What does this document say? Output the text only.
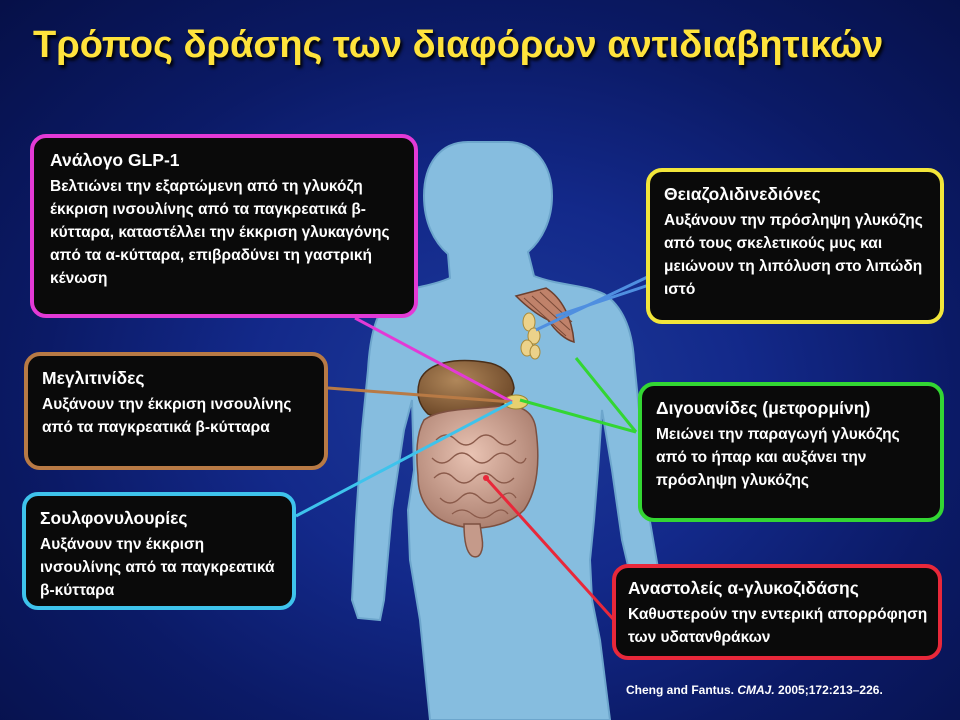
Τρόπος δράσης των διαφόρων αντιδιαβητικών

Ανάλογο GLP-1

Βελτιώνει την εξαρτώμενη από τη γλυκόζη έκκριση ινσουλίνης από τα παγκρεατικά β-κύτταρα, καταστέλλει την έκκριση γλυκαγόνης από τα α-κύτταρα, επιβραδύνει τη γαστρική κένωση

Θειαζολιδινεδιόνες

Αυξάνουν την πρόσληψη γλυκόζης από τους σκελετικούς μυς και μειώνουν τη λιπόλυση στο λιπώδη ιστό

Μεγλιτινίδες

Αυξάνουν την έκκριση ινσουλίνης από τα παγκρεατικά β-κύτταρα

Διγουανίδες (μετφορμίνη)

Μειώνει την παραγωγή γλυκόζης από το ήπαρ και αυξάνει την πρόσληψη γλυκόζης

Σουλφονυλουρίες

Αυξάνουν την έκκριση ινσουλίνης από τα παγκρεατικά β-κύτταρα	Αναστολείς α-γλυκοζιδάσης

Καθυστερούν την εντερική απορρόφηση των υδατανθράκων

Cheng and Fantus. CMAJ. 2005;172:213–226.
